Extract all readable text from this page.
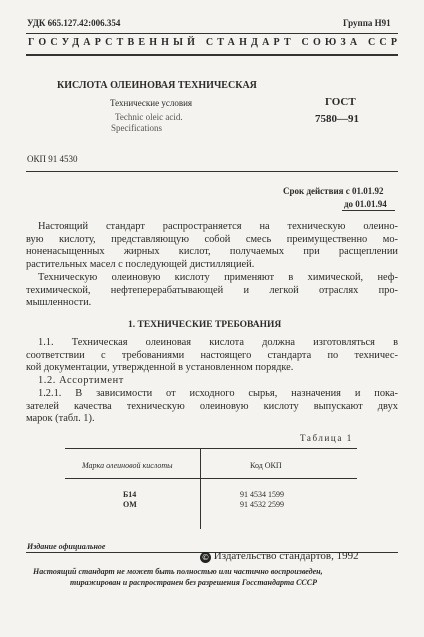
УДК 665.127.42:006.354	Группа Н91
ГОСУДАРСТВЕННЫЙ СТАНДАРТ СОЮЗА ССР
КИСЛОТА ОЛЕИНОВАЯ ТЕХНИЧЕСКАЯ
Технические условия
Technic oleic acid.
Specifications
ГОСТ
7580—91
ОКП 91 4530
Срок действия с 01.01.92
до 01.01.94
Настоящий стандарт распространяется на техническую олеино-
вую кислоту, представляющую собой смесь преимущественно мо-
ноненасыщенных жирных кислот, получаемых при расщеплении
растительных масел с последующей дистилляцией.
Техническую олеиновую кислоту применяют в химической, неф-
техимической, нефтеперерабатывающей и легкой отраслях про-
мышленности.
1. ТЕХНИЧЕСКИЕ ТРЕБОВАНИЯ
1.1. Техническая олеиновая кислота должна изготовляться в
соответствии с требованиями настоящего стандарта по техничес-
кой документации, утвержденной в установленном порядке.
1.2. Ассортимент
1.2.1. В зависимости от исходного сырья, назначения и пока-
зателей качества техническую олеиновую кислоту выпускают двух
марок (табл. 1).
Таблица 1
Марка олеиновой кислоты	Код ОКП
Б14	91 4534 1599
ОМ	91 4532 2599
Издание официальное
© Издательство стандартов, 1992
Настоящий стандарт не может быть полностью или частично воспроизведен,
тиражирован и распространен без разрешения Госстандарта СССР
